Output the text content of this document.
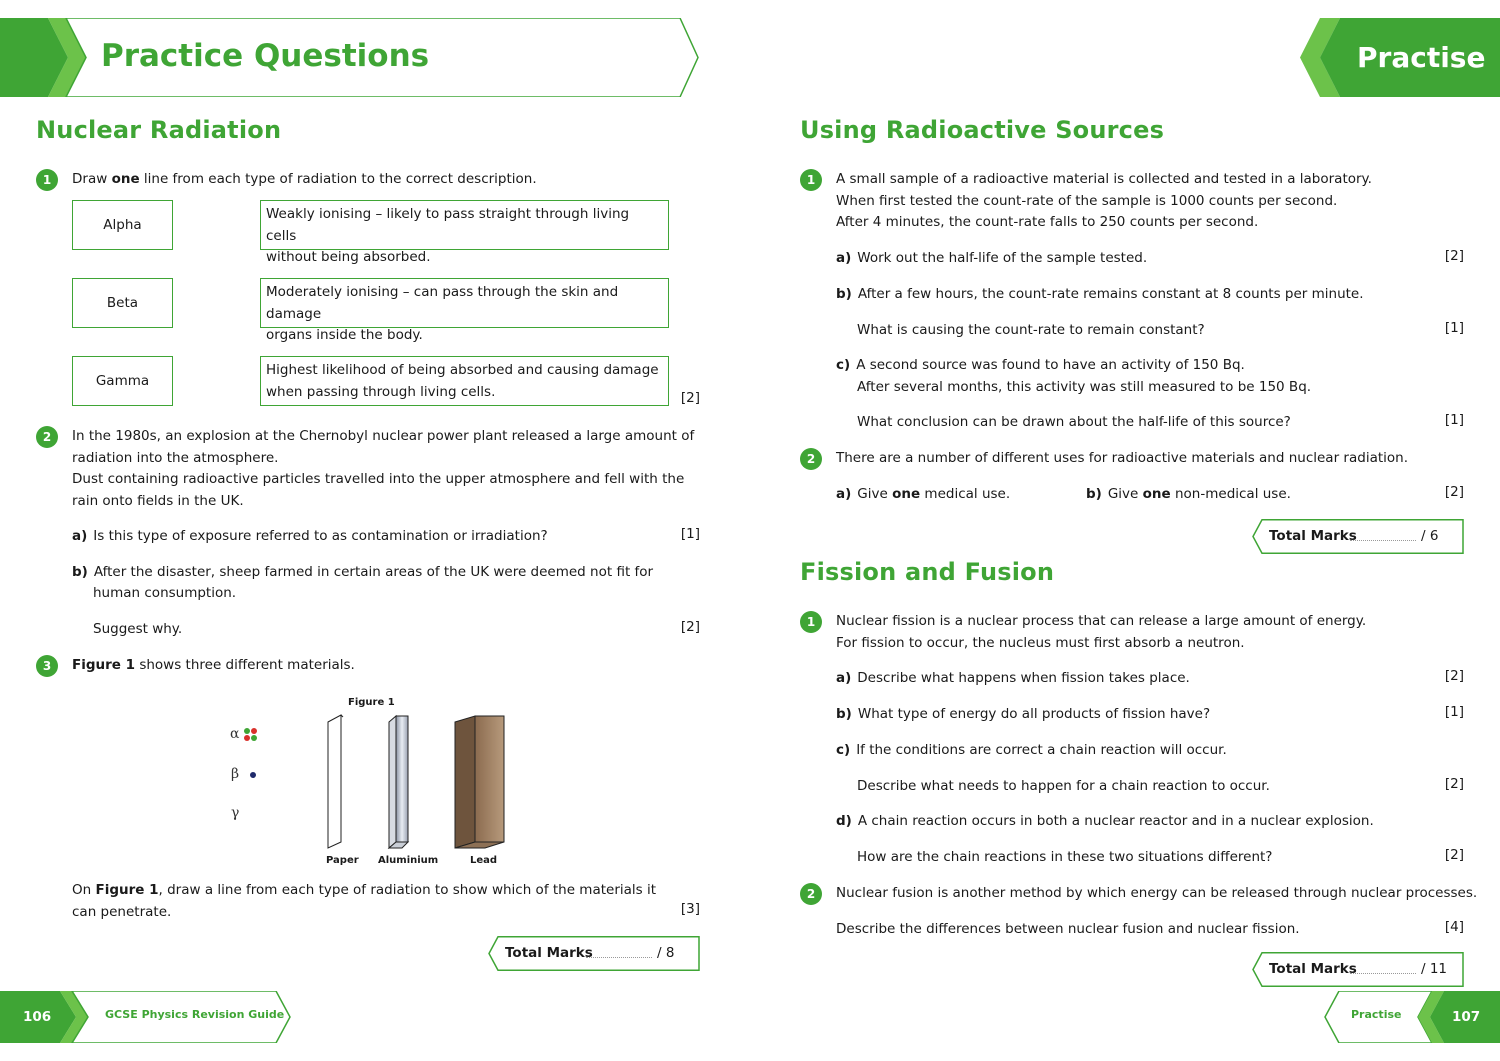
Practice Questions	Practise
Nuclear Radiation
1	Draw one line from each type of radiation to the correct description.
Alpha
Beta
Gamma
Weakly ionising – likely to pass straight through living cells
without being absorbed.
Moderately ionising – can pass through the skin and damage
organs inside the body.
Highest likelihood of being absorbed and causing damage
when passing through living cells.	[2]
2	In the 1980s, an explosion at the Chernobyl nuclear power plant released a large amount of
radiation into the atmosphere.
Dust containing radioactive particles travelled into the upper atmosphere and fell with the
rain onto fields in the UK.
a) Is this type of exposure referred to as contamination or irradiation?	[1]
b) After the disaster, sheep farmed in certain areas of the UK were deemed not fit for
human consumption.
Suggest why.	[2]
3	Figure 1 shows three different materials.
Figure 1
α
β
γ
Paper Aluminium	Lead
On Figure 1, draw a line from each type of radiation to show which of the materials it
can penetrate.	[3]
Total Marks	/ 8
Using Radioactive Sources
1	A small sample of a radioactive material is collected and tested in a laboratory.
When first tested the count-rate of the sample is 1000 counts per second.
After 4 minutes, the count-rate falls to 250 counts per second.
a) Work out the half-life of the sample tested.	[2]
b) After a few hours, the count-rate remains constant at 8 counts per minute.
What is causing the count-rate to remain constant?	[1]
c) A second source was found to have an activity of 150 Bq.
After several months, this activity was still measured to be 150 Bq.
What conclusion can be drawn about the half-life of this source?	[1]
2	There are a number of different uses for radioactive materials and nuclear radiation.
a) Give one medical use.	b) Give one non-medical use.	[2]
Total Marks	/ 6
Fission and Fusion
1	Nuclear fission is a nuclear process that can release a large amount of energy.
For fission to occur, the nucleus must first absorb a neutron.
a) Describe what happens when fission takes place.	[2]
b) What type of energy do all products of fission have?	[1]
c) If the conditions are correct a chain reaction will occur.
Describe what needs to happen for a chain reaction to occur.	[2]
d) A chain reaction occurs in both a nuclear reactor and in a nuclear explosion.
How are the chain reactions in these two situations different?	[2]
2	Nuclear fusion is another method by which energy can be released through nuclear processes.
Describe the differences between nuclear fusion and nuclear fission.	[4]
Total Marks	/ 11
106	GCSE Physics Revision Guide	Practise	107
